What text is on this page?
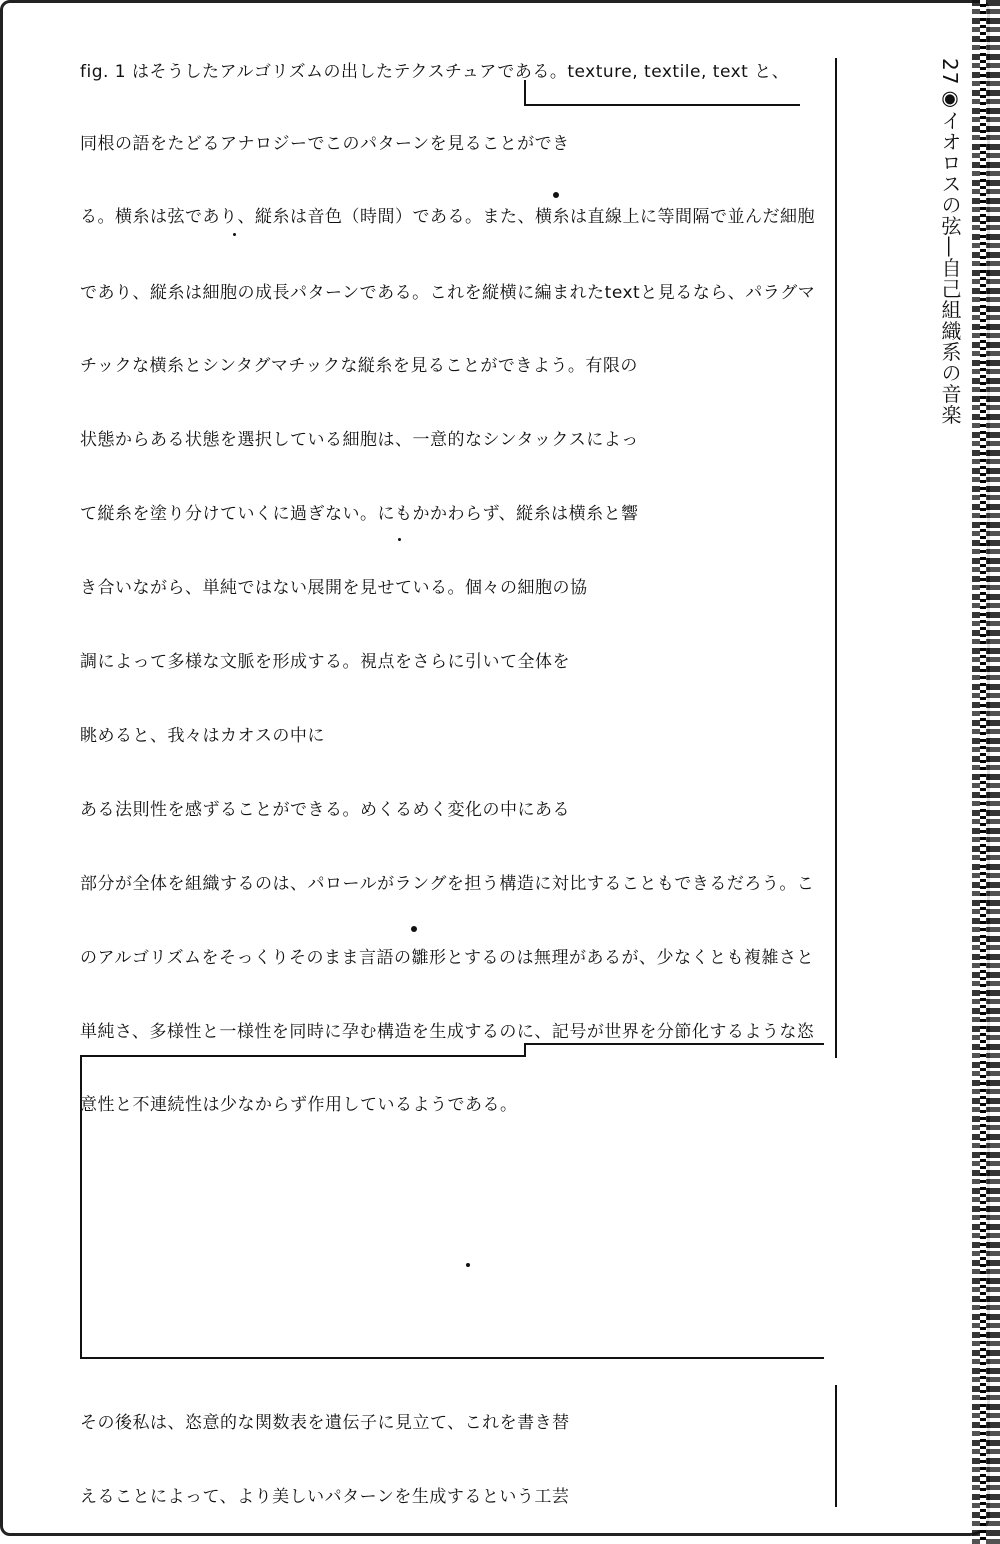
27◉イオロスの弦―自己組織系の音楽
fig. 1 はそうしたアルゴリズムの出したテクスチュアである。texture, textile, text と、
同根の語をたどるアナロジーでこのパターンを見ることができ
る。横糸は弦であり、縦糸は音色（時間）である。また、横糸は直線上に等間隔で並んだ細胞
であり、縦糸は細胞の成長パターンである。これを縦横に編まれたtextと見るなら、パラグマ
チックな横糸とシンタグマチックな縦糸を見ることができよう。有限の
状態からある状態を選択している細胞は、一意的なシンタックスによっ
て縦糸を塗り分けていくに過ぎない。にもかかわらず、縦糸は横糸と響
き合いながら、単純ではない展開を見せている。個々の細胞の協
調によって多様な文脈を形成する。視点をさらに引いて全体を
眺めると、我々はカオスの中に
ある法則性を感ずることができる。めくるめく変化の中にある
部分が全体を組織するのは、パロールがラングを担う構造に対比することもできるだろう。こ
のアルゴリズムをそっくりそのまま言語の雛形とするのは無理があるが、少なくとも複雑さと
単純さ、多様性と一様性を同時に孕む構造を生成するのに、記号が世界を分節化するような恣
意性と不連続性は少なからず作用しているようである。
その後私は、恣意的な関数表を遺伝子に見立て、これを書き替
えることによって、より美しいパターンを生成するという工芸
